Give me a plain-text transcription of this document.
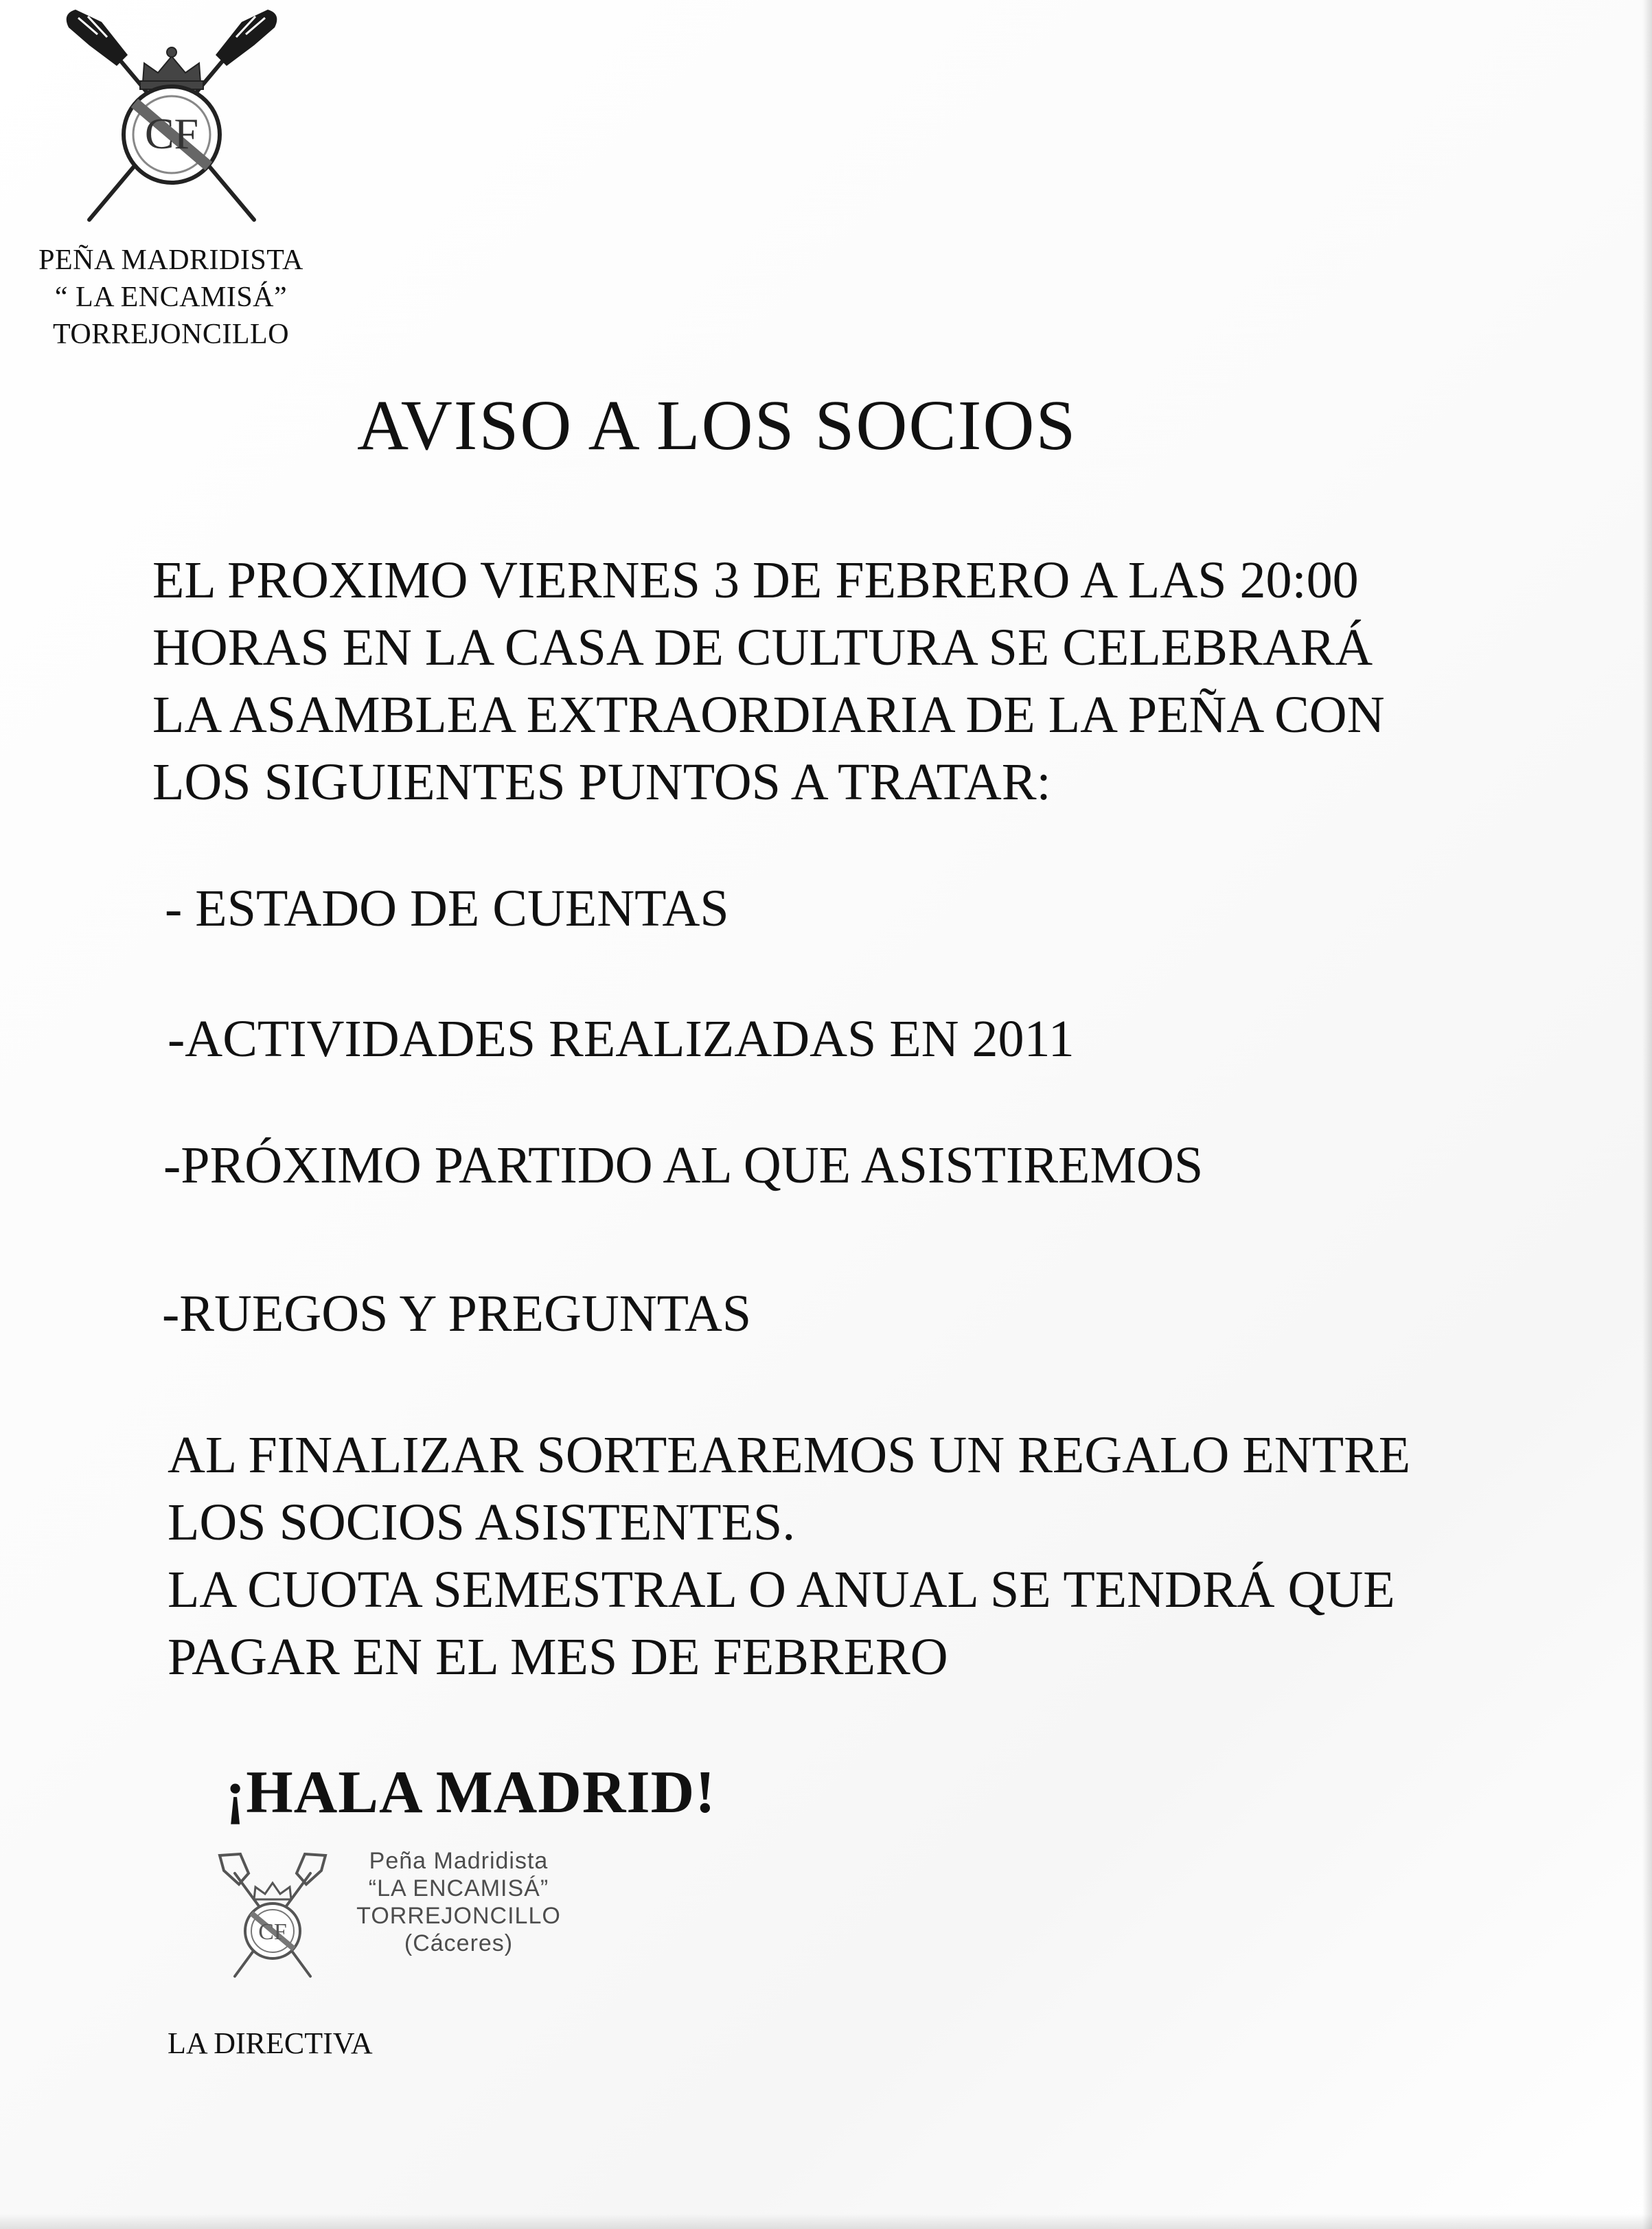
CF
PEÑA MADRIDISTA
“ LA ENCAMISÁ”
TORREJONCILLO
AVISO A LOS SOCIOS
EL PROXIMO VIERNES 3 DE FEBRERO A LAS 20:00
HORAS EN LA CASA DE CULTURA SE CELEBRARÁ
LA ASAMBLEA EXTRAORDIARIA DE LA PEÑA CON
LOS SIGUIENTES PUNTOS A TRATAR:
- ESTADO DE CUENTAS
-ACTIVIDADES REALIZADAS EN 2011
-PRÓXIMO PARTIDO AL QUE ASISTIREMOS
-RUEGOS Y PREGUNTAS
AL FINALIZAR SORTEAREMOS UN REGALO ENTRE
LOS SOCIOS ASISTENTES.
LA CUOTA SEMESTRAL O ANUAL SE TENDRÁ QUE
PAGAR EN EL MES DE FEBRERO
¡HALA MADRID!
CF
Peña Madridista
“LA ENCAMISÁ”
TORREJONCILLO
(Cáceres)
LA DIRECTIVA
